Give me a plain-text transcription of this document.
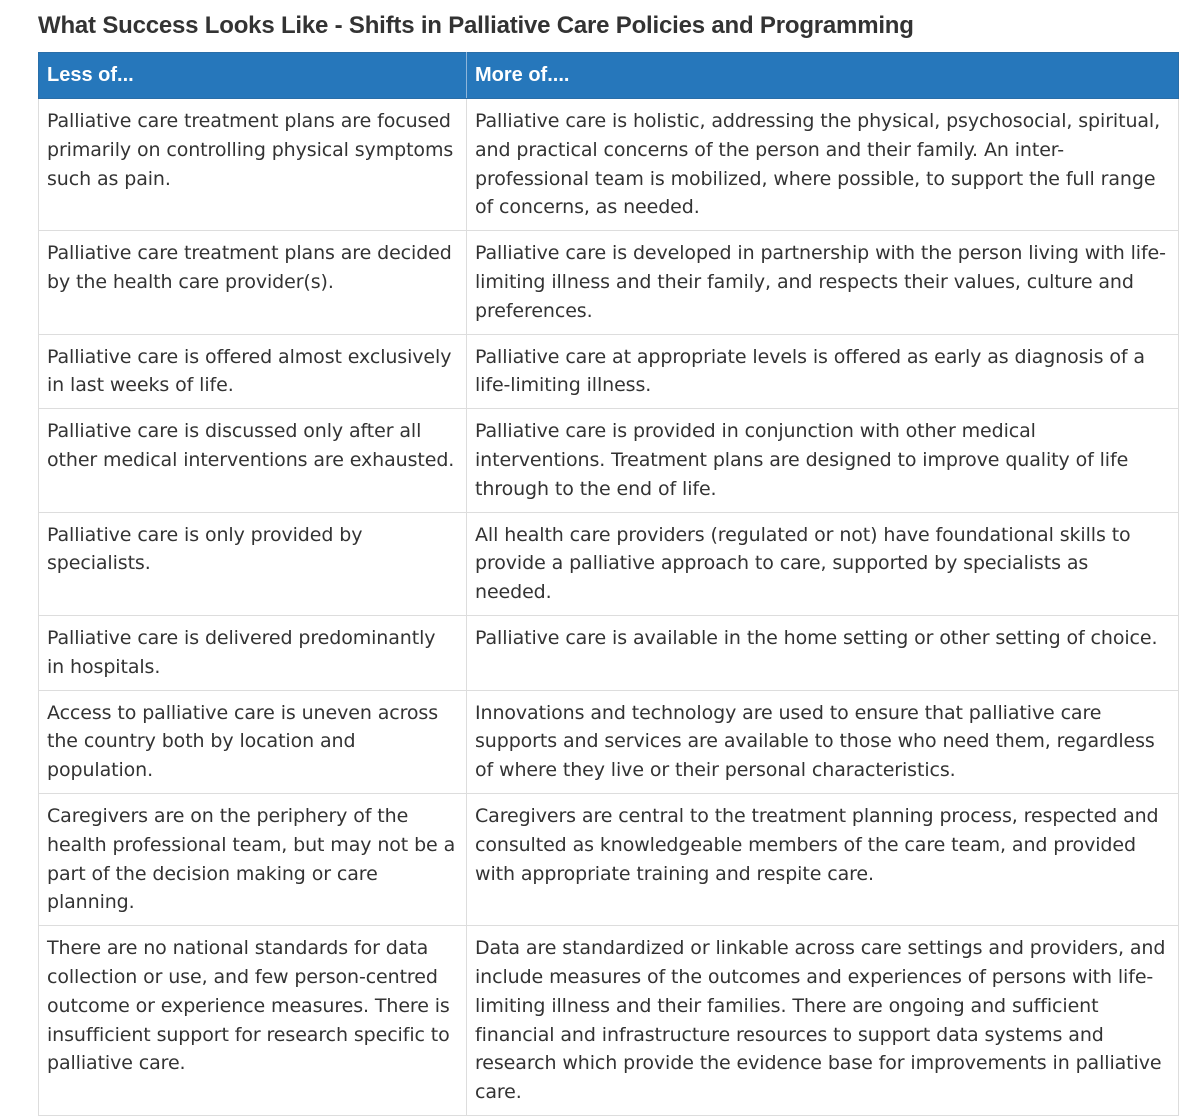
What Success Looks Like - Shifts in Palliative Care Policies and Programming
Less of...	More of....
Palliative care treatment plans are focused primarily on controlling physical symptoms such as pain.	Palliative care is holistic, addressing the physical, psychosocial, spiritual, and practical concerns of the person and their family. An inter-professional team is mobilized, where possible, to support the full range of concerns, as needed.
Palliative care treatment plans are decided by the health care provider(s).	Palliative care is developed in partnership with the person living with life-limiting illness and their family, and respects their values, culture and preferences.
Palliative care is offered almost exclusively in last weeks of life.	Palliative care at appropriate levels is offered as early as diagnosis of a life-limiting illness.
Palliative care is discussed only after all other medical interventions are exhausted.	Palliative care is provided in conjunction with other medical interventions. Treatment plans are designed to improve quality of life through to the end of life.
Palliative care is only provided by specialists.	All health care providers (regulated or not) have foundational skills to provide a palliative approach to care, supported by specialists as needed.
Palliative care is delivered predominantly in hospitals.	Palliative care is available in the home setting or other setting of choice.
Access to palliative care is uneven across the country both by location and population.	Innovations and technology are used to ensure that palliative care supports and services are available to those who need them, regardless of where they live or their personal characteristics.
Caregivers are on the periphery of the health professional team, but may not be a part of the decision making or care planning.	Caregivers are central to the treatment planning process, respected and consulted as knowledgeable members of the care team, and provided with appropriate training and respite care.
There are no national standards for data collection or use, and few person-centred outcome or experience measures. There is insufficient support for research specific to palliative care.	Data are standardized or linkable across care settings and providers, and include measures of the outcomes and experiences of persons with life-limiting illness and their families. There are ongoing and sufficient financial and infrastructure resources to support data systems and research which provide the evidence base for improvements in palliative care.
